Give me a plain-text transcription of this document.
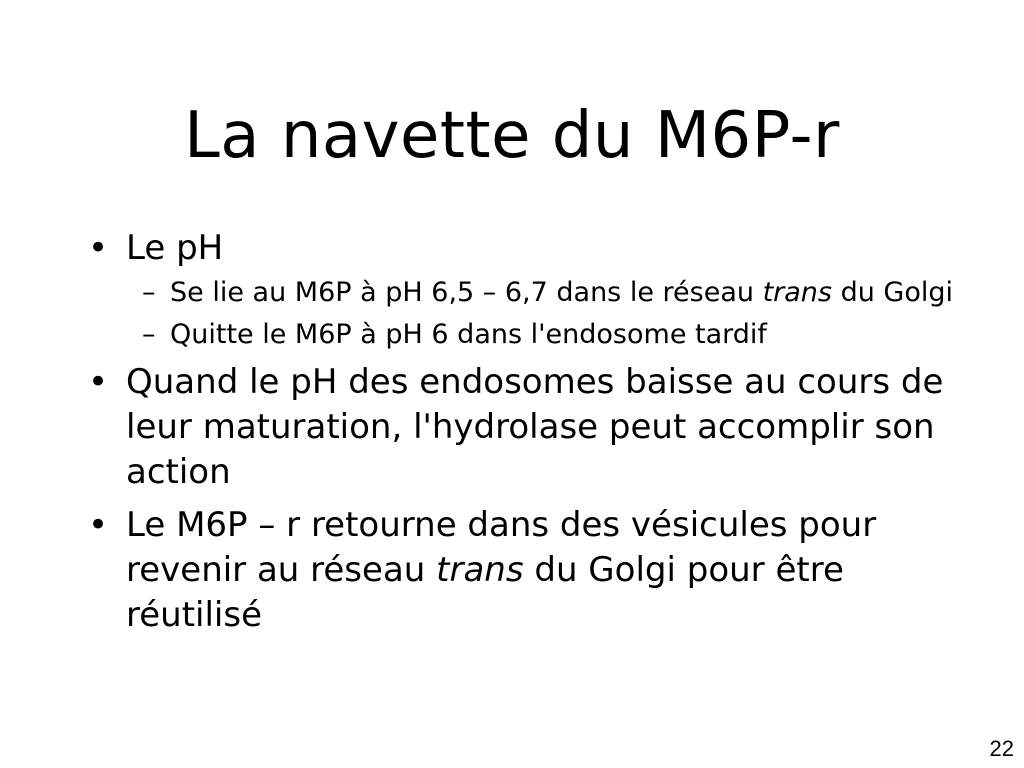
La navette du M6P-r
• Le pH
– Se lie au M6P à pH 6,5 – 6,7 dans le réseau trans du Golgi
– Quitte le M6P à pH 6 dans l'endosome tardif
• Quand le pH des endosomes baisse au cours de leur maturation, l'hydrolase peut accomplir son action
• Le M6P – r retourne dans des vésicules pour revenir au réseau trans du Golgi pour être réutilisé
22
